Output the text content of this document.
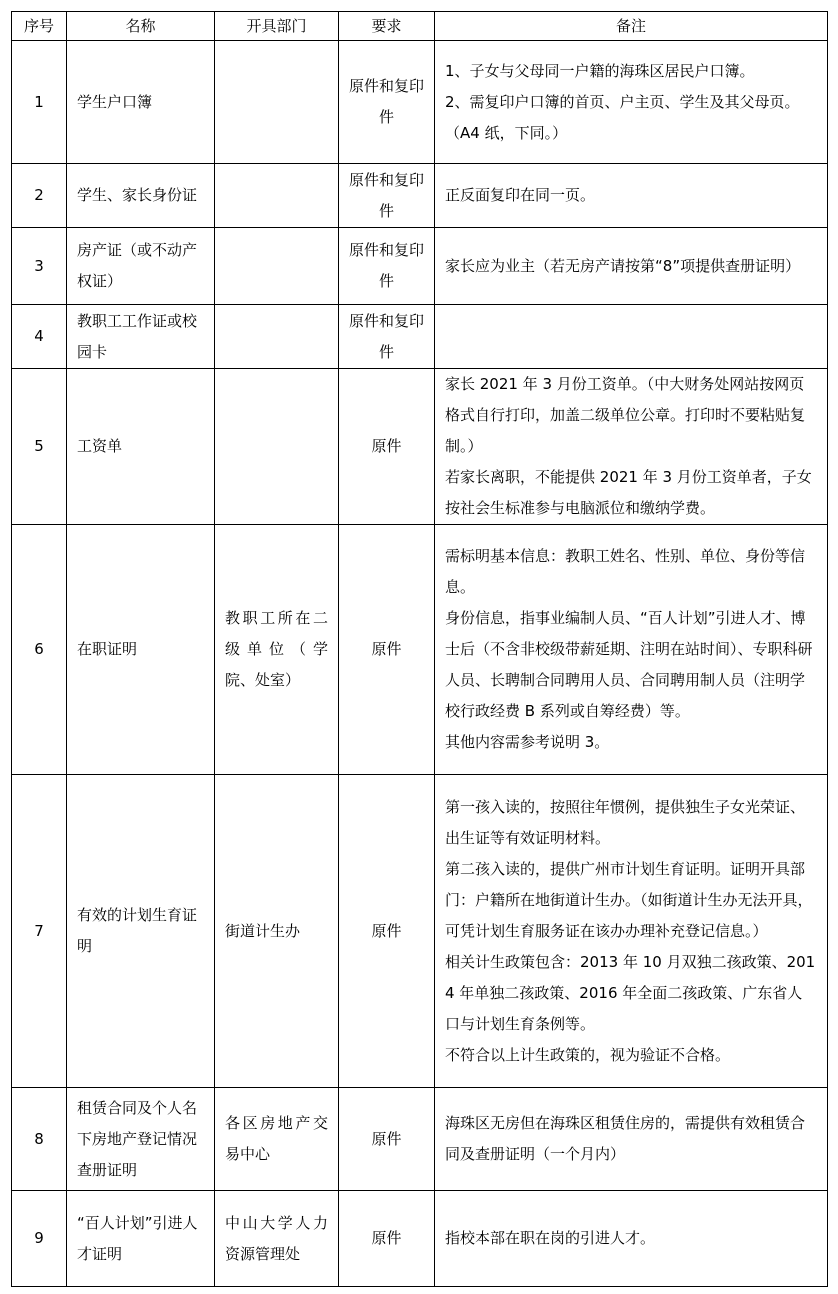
序号	名称	开具部门	要求	备注
1	学生户口簿		原件和复印件	1、子女与父母同一户籍的海珠区居民户口簿。
2、需复印户口簿的首页、户主页、学生及其父母页。（A4 纸，下同。）

2	学生、家长身份证		原件和复印件	正反面复印在同一页。

3	房产证（或不动产权证）		原件和复印件	家长应为业主（若无房产请按第“8”项提供查册证明）

4	教职工工作证或校园卡		原件和复印件	

5	工资单		原件	家长 2021 年 3 月份工资单。（中大财务处网站按网页格式自行打印，加盖二级单位公章。打印时不要粘贴复制。）
若家长离职，不能提供 2021 年 3 月份工资单者，子女按社会生标准参与电脑派位和缴纳学费。

6	在职证明	教职工所在二级单位（学院、处室）	原件	需标明基本信息：教职工姓名、性别、单位、身份等信息。
身份信息，指事业编制人员、“百人计划”引进人才、博士后（不含非校级带薪延期、注明在站时间）、专职科研人员、长聘制合同聘用人员、合同聘用制人员（注明学校行政经费 B 系列或自筹经费）等。
其他内容需参考说明 3。

7	有效的计划生育证明	街道计生办	原件	第一孩入读的，按照往年惯例，提供独生子女光荣证、出生证等有效证明材料。
第二孩入读的，提供广州市计划生育证明。证明开具部门：户籍所在地街道计生办。（如街道计生办无法开具，可凭计划生育服务证在该办办理补充登记信息。）
相关计生政策包含：2013 年 10 月双独二孩政策、2014 年单独二孩政策、2016 年全面二孩政策、广东省人口与计划生育条例等。
不符合以上计生政策的，视为验证不合格。

8	租赁合同及个人名下房地产登记情况查册证明	各区房地产交易中心	原件	海珠区无房但在海珠区租赁住房的，需提供有效租赁合同及查册证明（一个月内）

9	“百人计划”引进人才证明	中山大学人力资源管理处	原件	指校本部在职在岗的引进人才。
